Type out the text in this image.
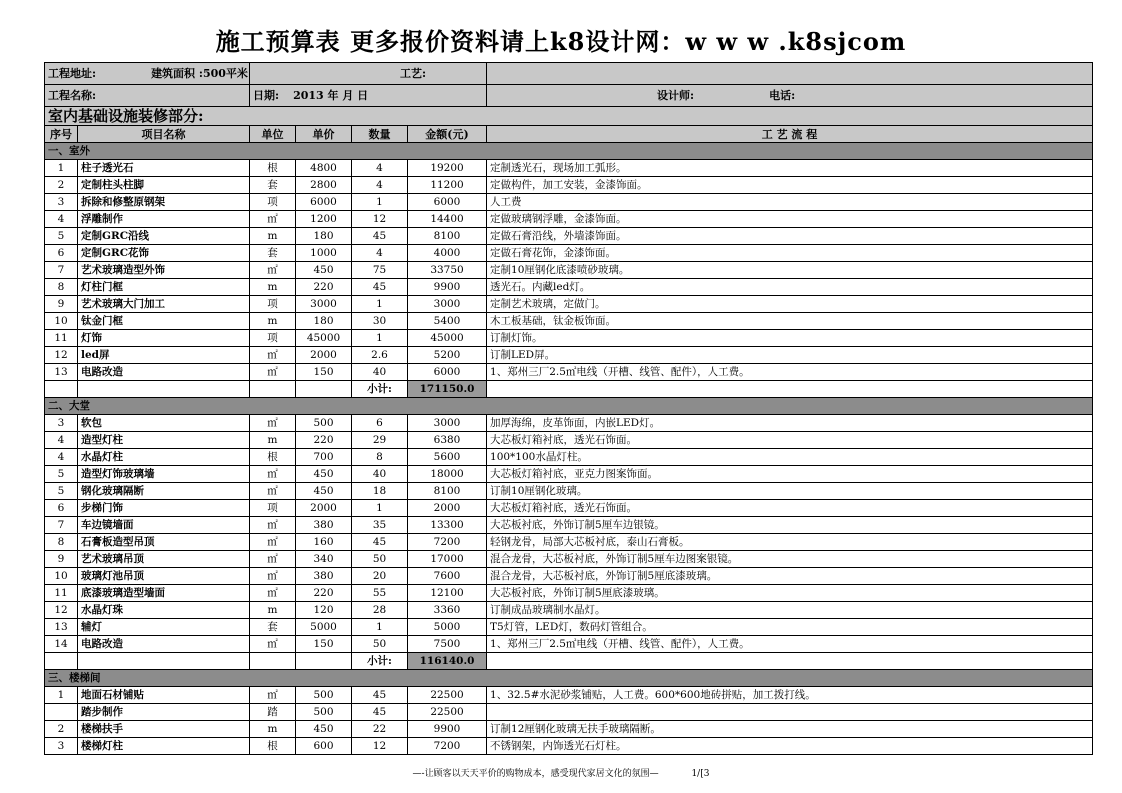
施工预算表 更多报价资料请上k8设计网：w w w .k8sjcom
工程地址: 建筑面积 :500平米		工艺:				
工程名称:		日期: 2013 年 月 日				设计师: 电话:
室内基础设施装修部分:						
序号	项目名称	单位	单价	数量	金额(元)	工 艺 流 程
一、室外						
1	柱子透光石	根	4800	4	19200	定制透光石，现场加工弧形。
2	定制柱头柱脚	套	2800	4	11200	定做构件，加工安装，金漆饰面。
3	拆除和修整原钢架	项	6000	1	6000	人工费
4	浮雕制作	㎡	1200	12	14400	定做玻璃钢浮雕，金漆饰面。
5	定制GRC沿线	m	180	45	8100	定做石膏沿线，外墙漆饰面。
6	定制GRC花饰	套	1000	4	4000	定做石膏花饰，金漆饰面。
7	艺术玻璃造型外饰	㎡	450	75	33750	定制10厘钢化底漆喷砂玻璃。
8	灯柱门框	m	220	45	9900	透光石。内藏led灯。
9	艺术玻璃大门加工	项	3000	1	3000	定制艺术玻璃，定做门。
10	钛金门框	m	180	30	5400	木工板基础，钛金板饰面。
11	灯饰	项	45000	1	45000	订制灯饰。
12	led屏	㎡	2000	2.6	5200	订制LED屏。
13	电路改造	㎡	150	40	6000	1、郑州三厂2.5㎡电线（开槽、线管、配件），人工费。
				小计:	171150.0	
二、大堂						
3	软包	㎡	500	6	3000	加厚海绵，皮革饰面，内嵌LED灯。
4	造型灯柱	m	220	29	6380	大芯板灯箱衬底，透光石饰面。
4	水晶灯柱	根	700	8	5600	100*100水晶灯柱。
5	造型灯饰玻璃墙	㎡	450	40	18000	大芯板灯箱衬底，亚克力图案饰面。
5	钢化玻璃隔断	㎡	450	18	8100	订制10厘钢化玻璃。
6	步梯门饰	项	2000	1	2000	大芯板灯箱衬底，透光石饰面。
7	车边镜墙面	㎡	380	35	13300	大芯板衬底，外饰订制5厘车边银镜。
8	石膏板造型吊顶	㎡	160	45	7200	轻钢龙骨，局部大芯板衬底，泰山石膏板。
9	艺术玻璃吊顶	㎡	340	50	17000	混合龙骨，大芯板衬底，外饰订制5厘车边图案银镜。
10	玻璃灯池吊顶	㎡	380	20	7600	混合龙骨，大芯板衬底，外饰订制5厘底漆玻璃。
11	底漆玻璃造型墙面	㎡	220	55	12100	大芯板衬底，外饰订制5厘底漆玻璃。
12	水晶灯珠	m	120	28	3360	订制成品玻璃制水晶灯。
13	辅灯	套	5000	1	5000	T5灯管，LED灯，数码灯管组合。
14	电路改造	㎡	150	50	7500	1、郑州三厂2.5㎡电线（开槽、线管、配件），人工费。
				小计:	116140.0	
三、楼梯间						
1	地面石材铺贴	㎡	500	45	22500	1、32.5#水泥砂浆铺贴，人工费。600*600地砖拼贴，加工拨打线。
	踏步制作	踏	500	45	22500	
2	楼梯扶手	m	450	22	9900	订制12厘钢化玻璃无扶手玻璃隔断。
3	楼梯灯柱	根	600	12	7200	不锈钢架，内饰透光石灯柱。
—-让顾客以天天平价的购物成本，感受现代家居文化的氛围—	1/[3
